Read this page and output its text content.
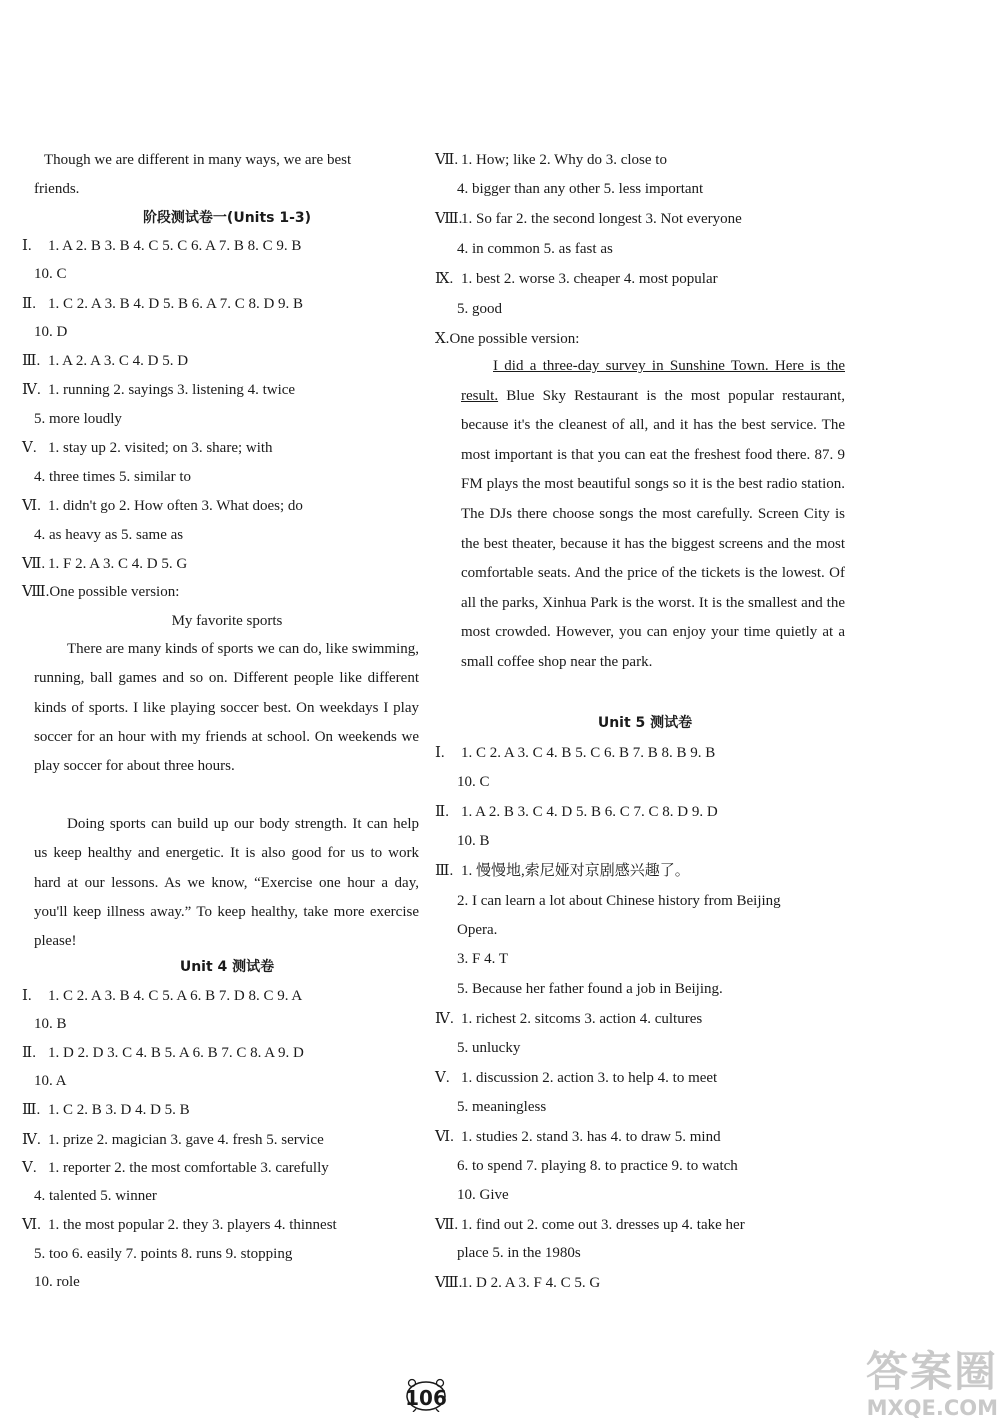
Though we are different in many ways, we are best
friends.
阶段测试卷一(Units 1-3)
Ⅰ. 1. A 2. B 3. B 4. C 5. C 6. A 7. B 8. C 9. B
10. C
Ⅱ. 1. C 2. A 3. B 4. D 5. B 6. A 7. C 8. D 9. B
10. D
Ⅲ. 1. A 2. A 3. C 4. D 5. D
Ⅳ. 1. running 2. sayings 3. listening 4. twice
5. more loudly
Ⅴ. 1. stay up 2. visited; on 3. share; with
4. three times 5. similar to
Ⅵ. 1. didn't go 2. How often 3. What does; do
4. as heavy as 5. same as
Ⅶ. 1. F 2. A 3. C 4. D 5. G
Ⅷ.One possible version:
My favorite sports
There are many kinds of sports we can do, like swimming, running, ball games and so on. Different people like different kinds of sports. I like playing soccer best. On weekdays I play soccer for an hour with my friends at school. On weekends we play soccer for about three hours.
Doing sports can build up our body strength. It can help us keep healthy and energetic. It is also good for us to work hard at our lessons. As we know, “Exercise one hour a day, you'll keep illness away.” To keep healthy, take more exercise please!
Unit 4 测试卷
Ⅰ. 1. C 2. A 3. B 4. C 5. A 6. B 7. D 8. C 9. A
10. B
Ⅱ. 1. D 2. D 3. C 4. B 5. A 6. B 7. C 8. A 9. D
10. A
Ⅲ. 1. C 2. B 3. D 4. D 5. B
Ⅳ. 1. prize 2. magician 3. gave 4. fresh 5. service
Ⅴ. 1. reporter 2. the most comfortable 3. carefully
4. talented 5. winner
Ⅵ. 1. the most popular 2. they 3. players 4. thinnest
5. too 6. easily 7. points 8. runs 9. stopping
10. role
Ⅶ. 1. How; like 2. Why do 3. close to
4. bigger than any other 5. less important
Ⅷ.1. So far 2. the second longest 3. Not everyone
4. in common 5. as fast as
Ⅸ. 1. best 2. worse 3. cheaper 4. most popular
5. good
Ⅹ.One possible version:
I did a three-day survey in Sunshine Town. Here is the result. Blue Sky Restaurant is the most popular restaurant, because it's the cleanest of all, and it has the best service. The most important is that you can eat the freshest food there. 87. 9 FM plays the most beautiful songs so it is the best radio station. The DJs there choose songs the most carefully. Screen City is the best theater, because it has the biggest screens and the most comfortable seats. And the price of the tickets is the lowest. Of all the parks, Xinhua Park is the worst. It is the smallest and the most crowded. However, you can enjoy your time quietly at a small coffee shop near the park.
Unit 5 测试卷
Ⅰ. 1. C 2. A 3. C 4. B 5. C 6. B 7. B 8. B 9. B
10. C
Ⅱ. 1. A 2. B 3. C 4. D 5. B 6. C 7. C 8. D 9. D
10. B
Ⅲ. 1. 慢慢地,索尼娅对京剧感兴趣了。
2. I can learn a lot about Chinese history from Beijing
Opera.
3. F 4. T
5. Because her father found a job in Beijing.
Ⅳ. 1. richest 2. sitcoms 3. action 4. cultures
5. unlucky
Ⅴ. 1. discussion 2. action 3. to help 4. to meet
5. meaningless
Ⅵ. 1. studies 2. stand 3. has 4. to draw 5. mind
6. to spend 7. playing 8. to practice 9. to watch
10. Give
Ⅶ. 1. find out 2. come out 3. dresses up 4. take her
place 5. in the 1980s
Ⅷ.1. D 2. A 3. F 4. C 5. G
106
答案圈
MXQE.COM
